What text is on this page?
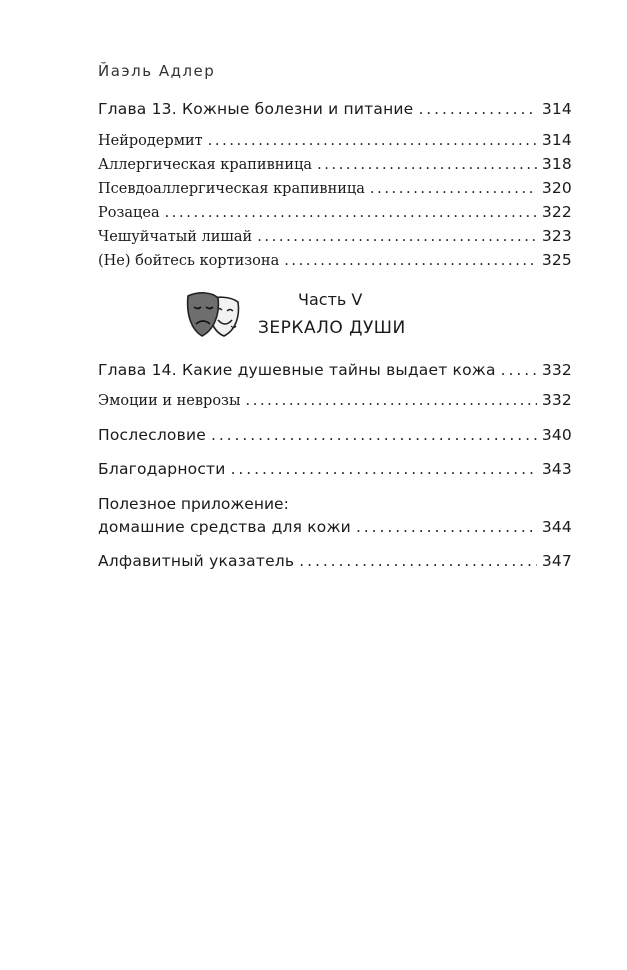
Йаэль Адлер
Глава 13. Кожные болезни и питание . . .	314
Нейродермит . . .	314
Аллергическая крапивница . . .	318
Псевдоаллергическая крапивница . . .	320
Розацеа . . .	322
Чешуйчатый лишай . . .	323
(Не) бойтесь кортизона . . .	325
Часть V
ЗЕРКАЛО ДУШИ
Глава 14. Какие душевные тайны выдает кожа . . .	332
Эмоции и неврозы . . .	332
Послесловие . . .	340
Благодарности . . .	343
Полезное приложение:
домашние средства для кожи . . .	344
Алфавитный указатель . . .	347
